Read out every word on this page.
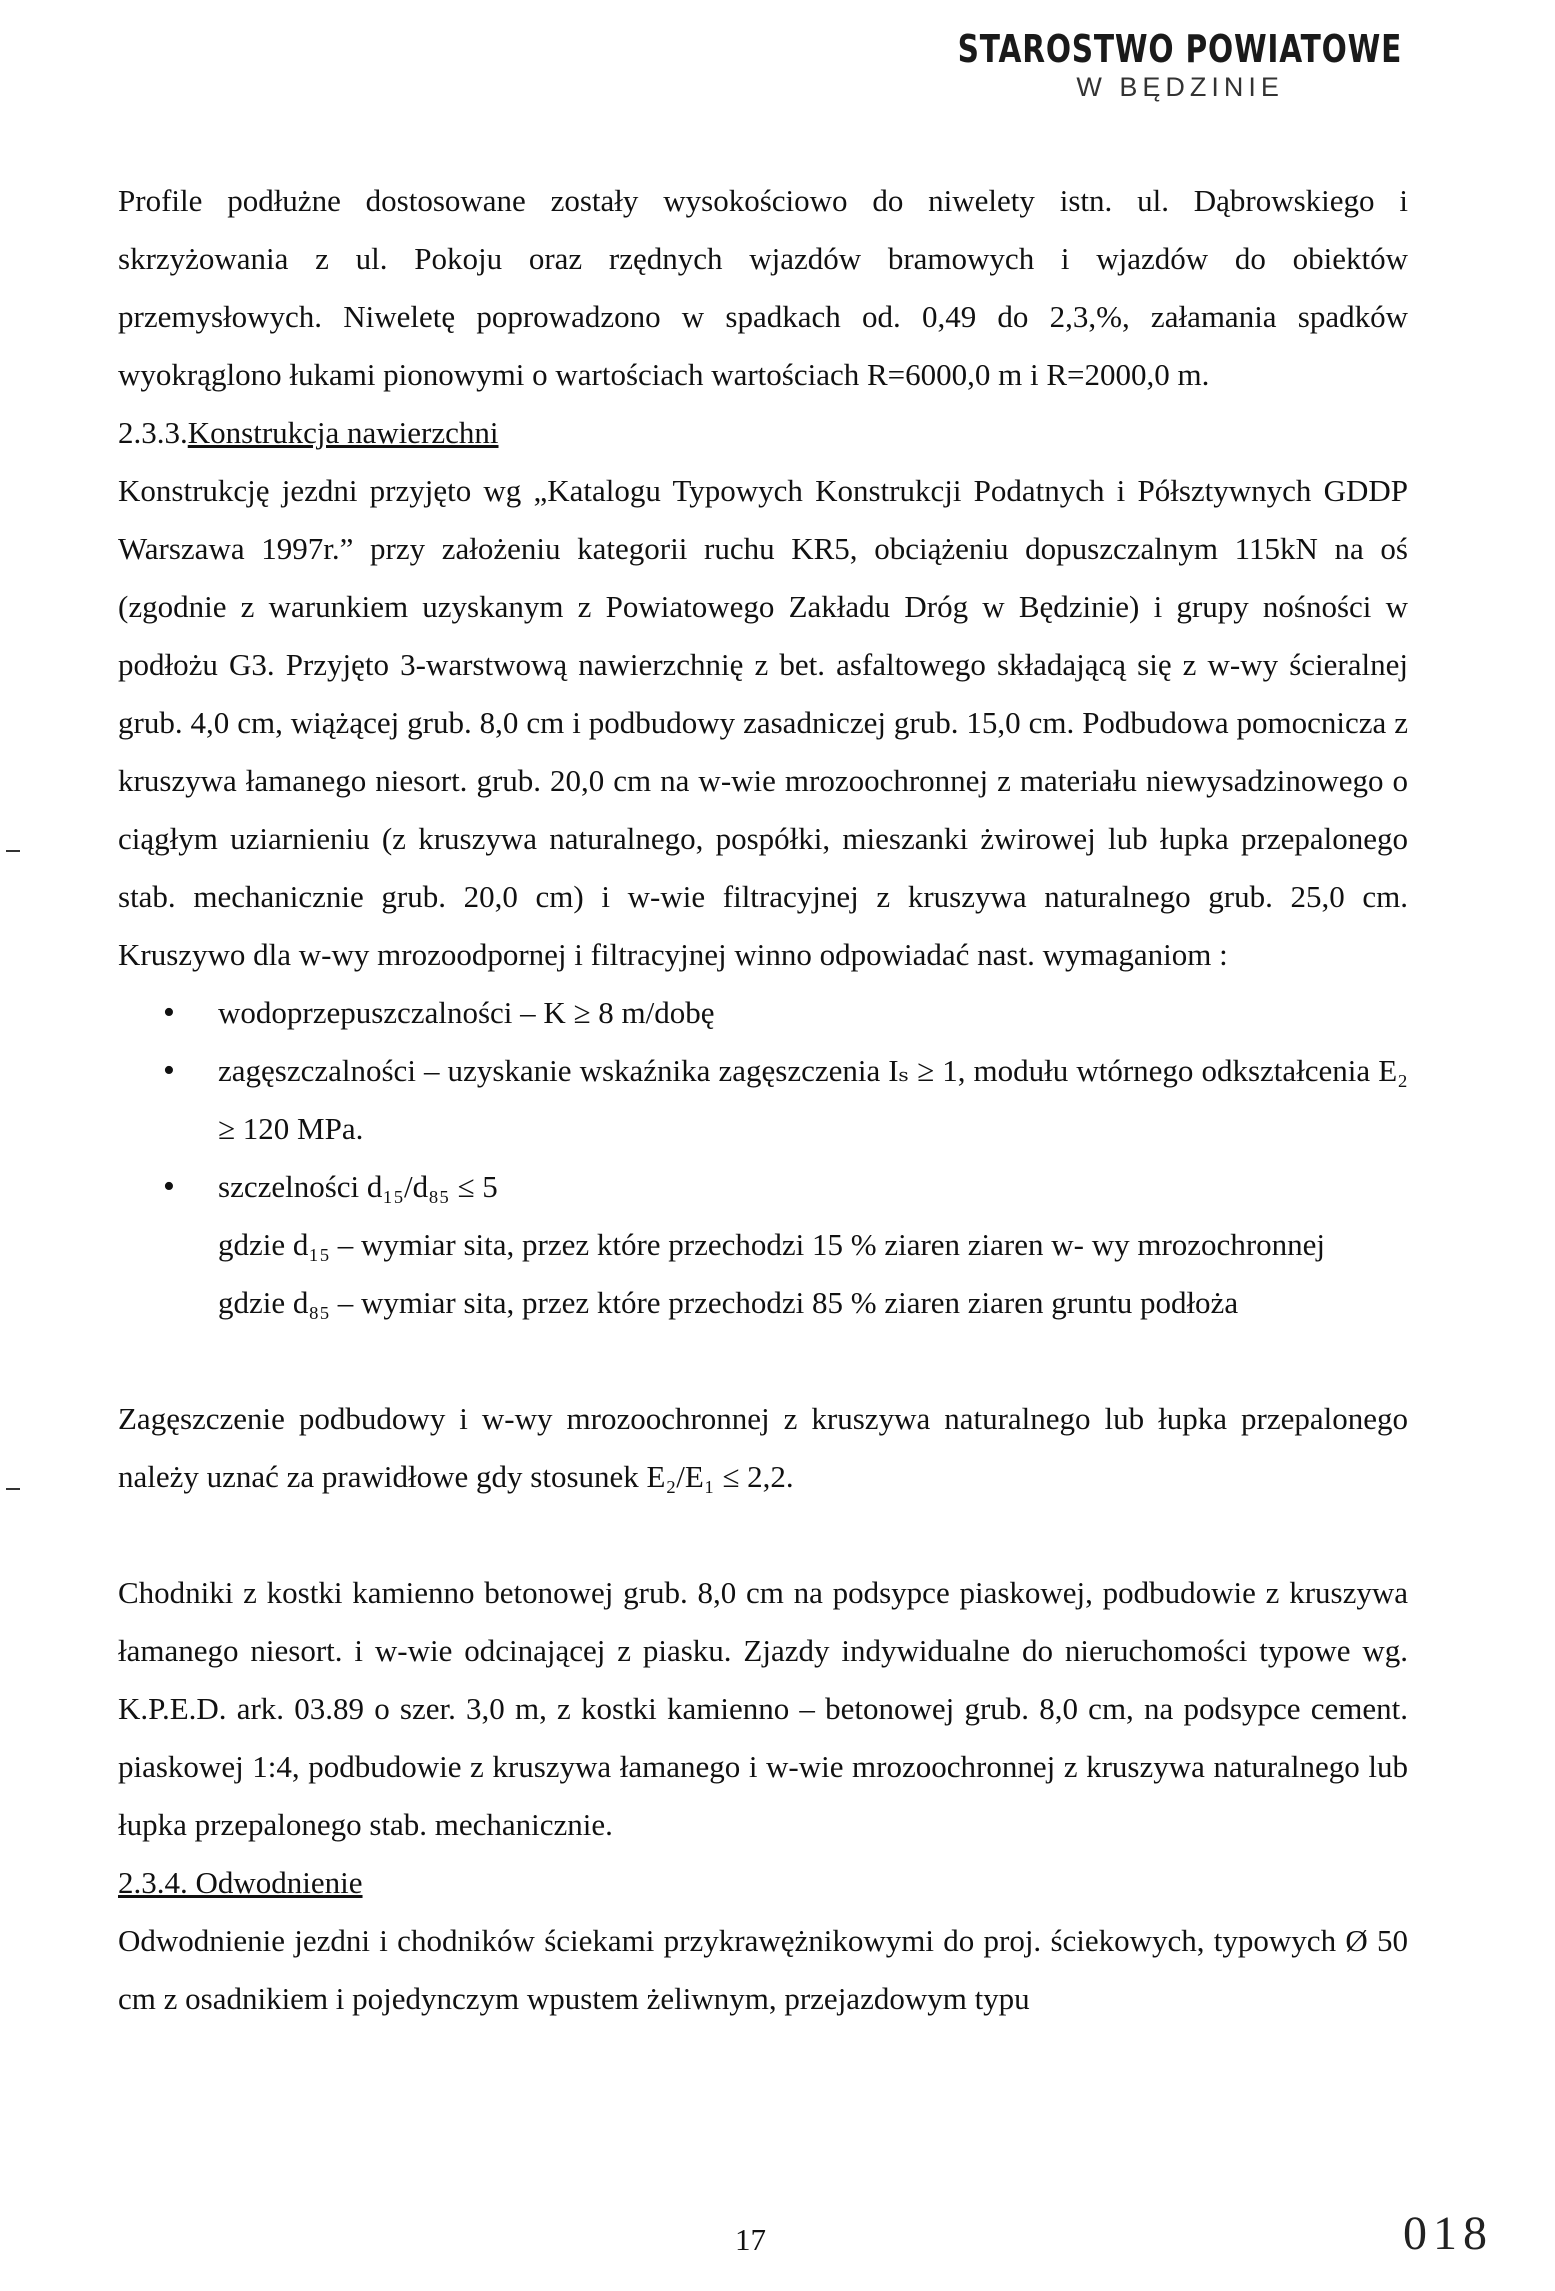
STAROSTWO POWIATOWE
W BĘDZINIE

Profile podłużne dostosowane zostały wysokościowo do niwelety istn. ul. Dąbrowskiego i skrzyżowania z ul. Pokoju oraz rzędnych wjazdów bramowych i wjazdów do obiektów przemysłowych. Niweletę poprowadzono w spadkach od. 0,49 do 2,3,%, załamania spadków wyokrąglono łukami pionowymi o wartościach wartościach R=6000,0 m i R=2000,0 m.

2.3.3.Konstrukcja nawierzchni

Konstrukcję jezdni przyjęto wg „Katalogu Typowych Konstrukcji Podatnych i Półsztywnych GDDP Warszawa 1997r.” przy założeniu kategorii ruchu KR5, obciążeniu dopuszczalnym 115kN na oś (zgodnie z warunkiem uzyskanym z Powiatowego Zakładu Dróg w Będzinie) i grupy nośności w podłożu G3. Przyjęto 3-warstwową nawierzchnię z bet. asfaltowego składającą się z w-wy ścieralnej grub. 4,0 cm, wiążącej grub. 8,0 cm i podbudowy zasadniczej grub. 15,0 cm. Podbudowa pomocnicza z kruszywa łamanego niesort. grub. 20,0 cm na w-wie mrozoochronnej z materiału niewysadzinowego o ciągłym uziarnieniu (z kruszywa naturalnego, pospółki, mieszanki żwirowej lub łupka przepalonego stab. mechanicznie grub. 20,0 cm) i w-wie filtracyjnej z kruszywa naturalnego grub. 25,0 cm. Kruszywo dla w-wy mrozoodpornej i filtracyjnej winno odpowiadać nast. wymaganiom :

• wodoprzepuszczalności – K ≥ 8 m/dobę
• zagęszczalności – uzyskanie wskaźnika zagęszczenia Iₛ ≥ 1, modułu wtórnego odkształcenia E₂ ≥ 120 MPa.
• szczelności d₁₅/d₈₅ ≤ 5

gdzie d₁₅ – wymiar sita, przez które przechodzi 15 % ziaren ziaren w- wy mrozochronnej

gdzie d₈₅ – wymiar sita, przez które przechodzi 85 % ziaren ziaren gruntu podłoża

Zagęszczenie podbudowy i w-wy mrozoochronnej z kruszywa naturalnego lub łupka przepalonego należy uznać za prawidłowe gdy stosunek E₂/E₁ ≤ 2,2.

Chodniki z kostki kamienno betonowej grub. 8,0 cm na podsypce piaskowej, podbudowie z kruszywa łamanego niesort. i w-wie odcinającej z piasku. Zjazdy indywidualne do nieruchomości typowe wg. K.P.E.D. ark. 03.89 o szer. 3,0 m, z kostki kamienno – betonowej grub. 8,0 cm, na podsypce cement. piaskowej 1:4, podbudowie z kruszywa łamanego i w-wie mrozoochronnej z kruszywa naturalnego lub łupka przepalonego stab. mechanicznie.

2.3.4. Odwodnienie

Odwodnienie jezdni i chodników ściekami przykrawężnikowymi do proj. ściekowych, typowych Ø 50 cm z osadnikiem i pojedynczym wpustem żeliwnym, przejazdowym typu

17	018
